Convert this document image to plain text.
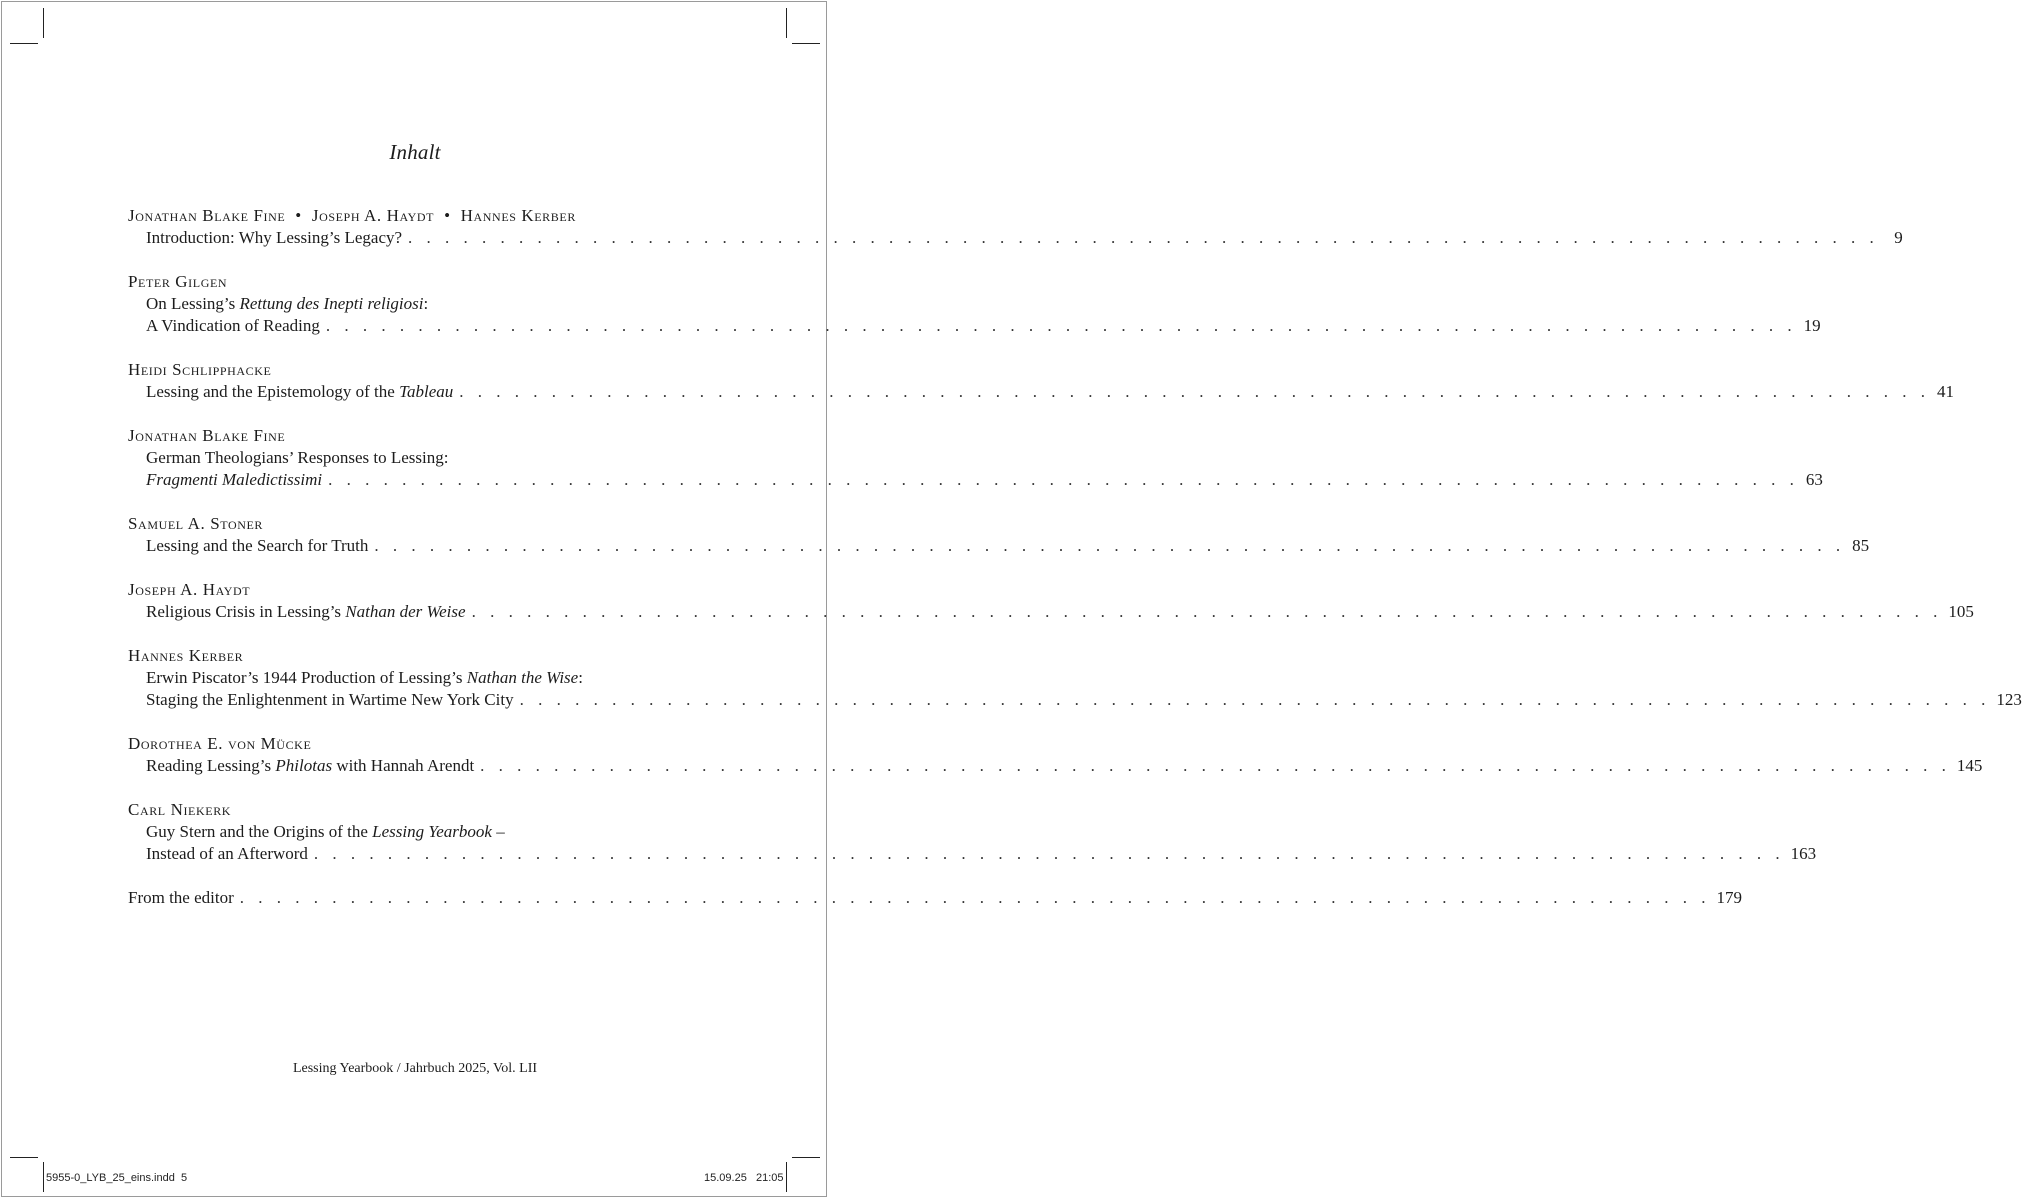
Inhalt
Jonathan Blake Fine • Joseph A. Haydt • Hannes Kerber
Introduction: Why Lessing’s Legacy? . . . . . . . . . . . . . . . . . . . . . . . . . . . . . . . . . . . . . . . . . . . . . . . . . . . . . . . . . . . . . . . . . . . . . . . . . . . . . . . . 9
Peter Gilgen
On Lessing’s Rettung des Inepti religiosi:
A Vindication of Reading . . . . . . . . . . . . . . . . . . . . . . . . . . . . . . . . . . . . . . . . . . . . . . . . . . . . . . . . . . . . . . . . . . . . . . . . . . . . . . . . 19
Heidi Schlipphacke
Lessing and the Epistemology of the Tableau . . . . . . . . . . . . . . . . . . . . . . . . . . . . . . . . . . . . . . . . . . . . . . . . . . . . . . . . . . . . . . . . . . . . . . . . . . . . . . . . 41
Jonathan Blake Fine
German Theologians’ Responses to Lessing:
Fragmenti Maledictissimi . . . . . . . . . . . . . . . . . . . . . . . . . . . . . . . . . . . . . . . . . . . . . . . . . . . . . . . . . . . . . . . . . . . . . . . . . . . . . . . . 63
Samuel A. Stoner
Lessing and the Search for Truth . . . . . . . . . . . . . . . . . . . . . . . . . . . . . . . . . . . . . . . . . . . . . . . . . . . . . . . . . . . . . . . . . . . . . . . . . . . . . . . . 85
Joseph A. Haydt
Religious Crisis in Lessing’s Nathan der Weise . . . . . . . . . . . . . . . . . . . . . . . . . . . . . . . . . . . . . . . . . . . . . . . . . . . . . . . . . . . . . . . . . . . . . . . . . . . . . . . . 105
Hannes Kerber
Erwin Piscator’s 1944 Production of Lessing’s Nathan the Wise:
Staging the Enlightenment in Wartime New York City . . . . . . . . . . . . . . . . . . . . . . . . . . . . . . . . . . . . . . . . . . . . . . . . . . . . . . . . . . . . . . . . . . . . . . . . . . . . . . . . 123
Dorothea E. von Mücke
Reading Lessing’s Philotas with Hannah Arendt . . . . . . . . . . . . . . . . . . . . . . . . . . . . . . . . . . . . . . . . . . . . . . . . . . . . . . . . . . . . . . . . . . . . . . . . . . . . . . . . 145
Carl Niekerk
Guy Stern and the Origins of the Lessing Yearbook –
Instead of an Afterword . . . . . . . . . . . . . . . . . . . . . . . . . . . . . . . . . . . . . . . . . . . . . . . . . . . . . . . . . . . . . . . . . . . . . . . . . . . . . . . . 163
From the editor . . . . . . . . . . . . . . . . . . . . . . . . . . . . . . . . . . . . . . . . . . . . . . . . . . . . . . . . . . . . . . . . . . . . . . . . . . . . . . . . 179
Lessing Yearbook / Jahrbuch 2025, Vol. LII
5955-0_LYB_25_eins.indd 5	15.09.25 21:05
